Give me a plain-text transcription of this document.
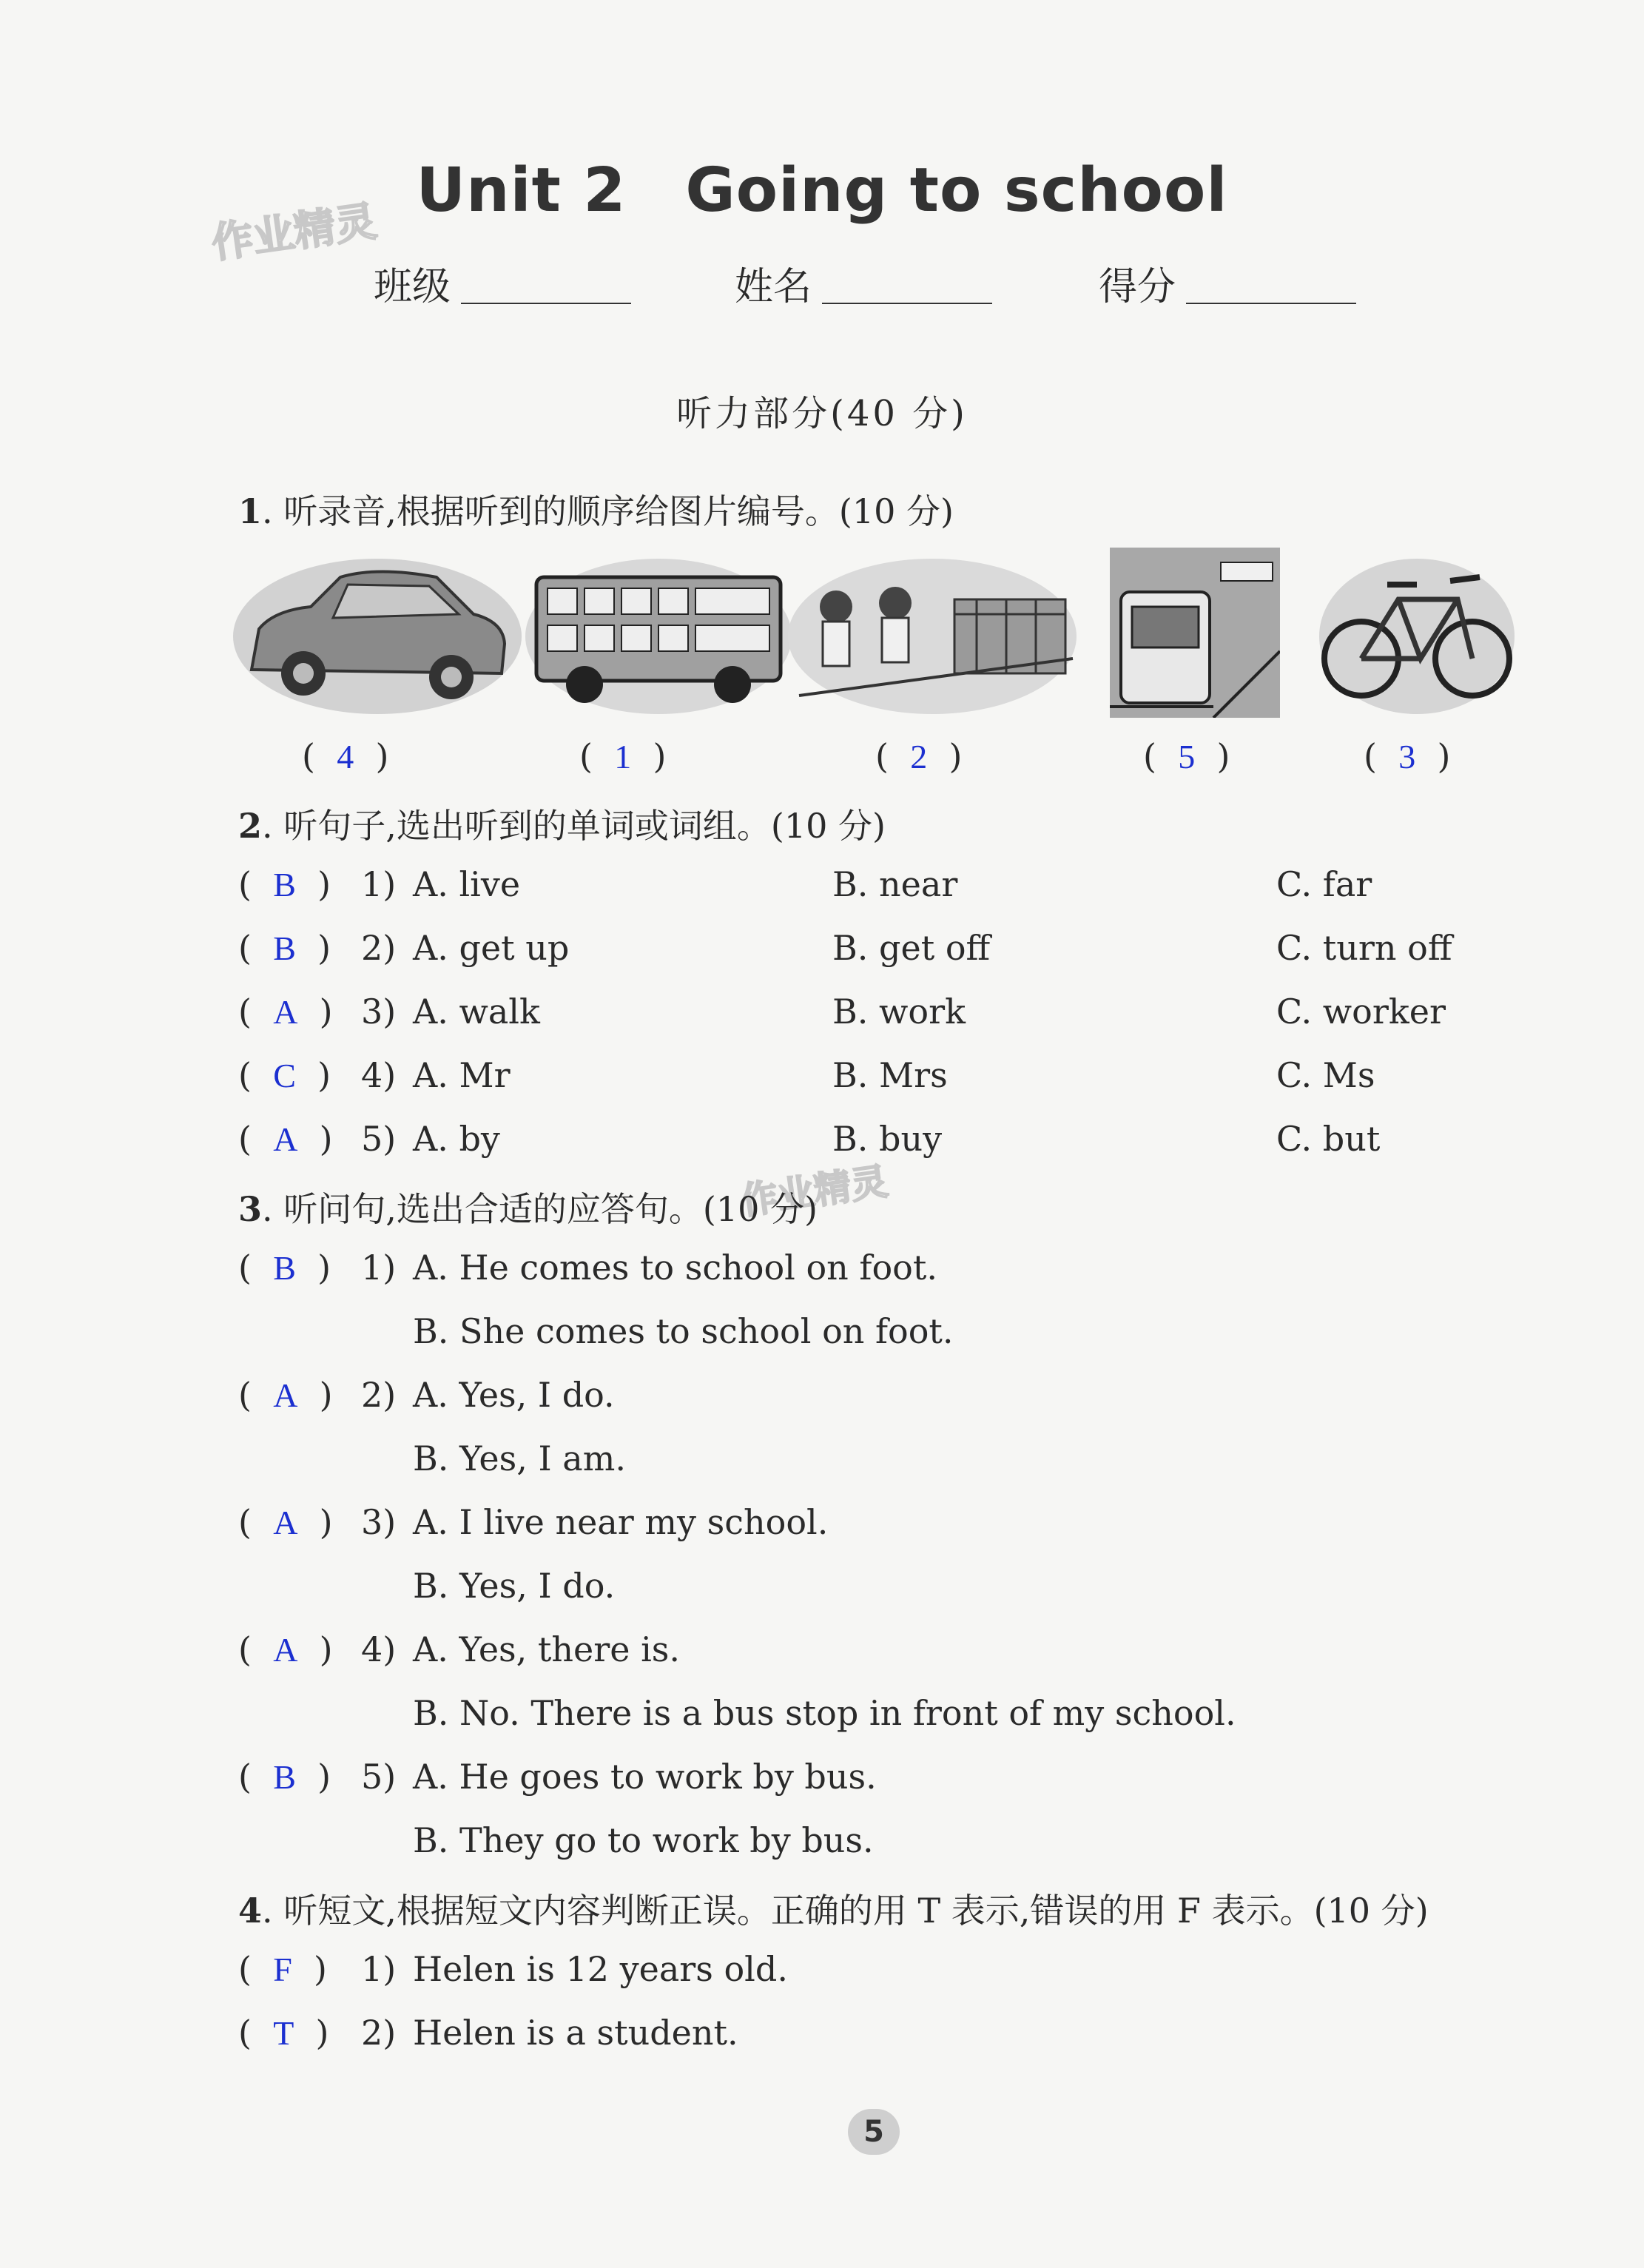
作业精灵
作业精灵
Unit 2 Going to school
班级	姓名	得分
听力部分(40 分)
1. 听录音,根据听到的顺序给图片编号。(10 分)
(  4  )	(  1  )	(  2  )	(  5  )	(  3  )
2. 听句子,选出听到的单词或词组。(10 分)
(  B  ) 1) A. live	B. near	C. far
(  B  ) 2) A. get up	B. get off	C. turn off
(  A  ) 3) A. walk	B. work	C. worker
(  C  ) 4) A. Mr	B. Mrs	C. Ms
(  A  ) 5) A. by	B. buy	C. but
3. 听问句,选出合适的应答句。(10 分)
(  B  ) 1) A. He comes to school on foot.
B. She comes to school on foot.
(  A  ) 2) A. Yes, I do.
B. Yes, I am.
(  A  ) 3) A. I live near my school.
B. Yes, I do.
(  A  ) 4) A. Yes, there is.
B. No. There is a bus stop in front of my school.
(  B  ) 5) A. He goes to work by bus.
B. They go to work by bus.
4. 听短文,根据短文内容判断正误。正确的用 T 表示,错误的用 F 表示。(10 分)
(  F  ) 1) Helen is 12 years old.
(  T  ) 2) Helen is a student.
5
